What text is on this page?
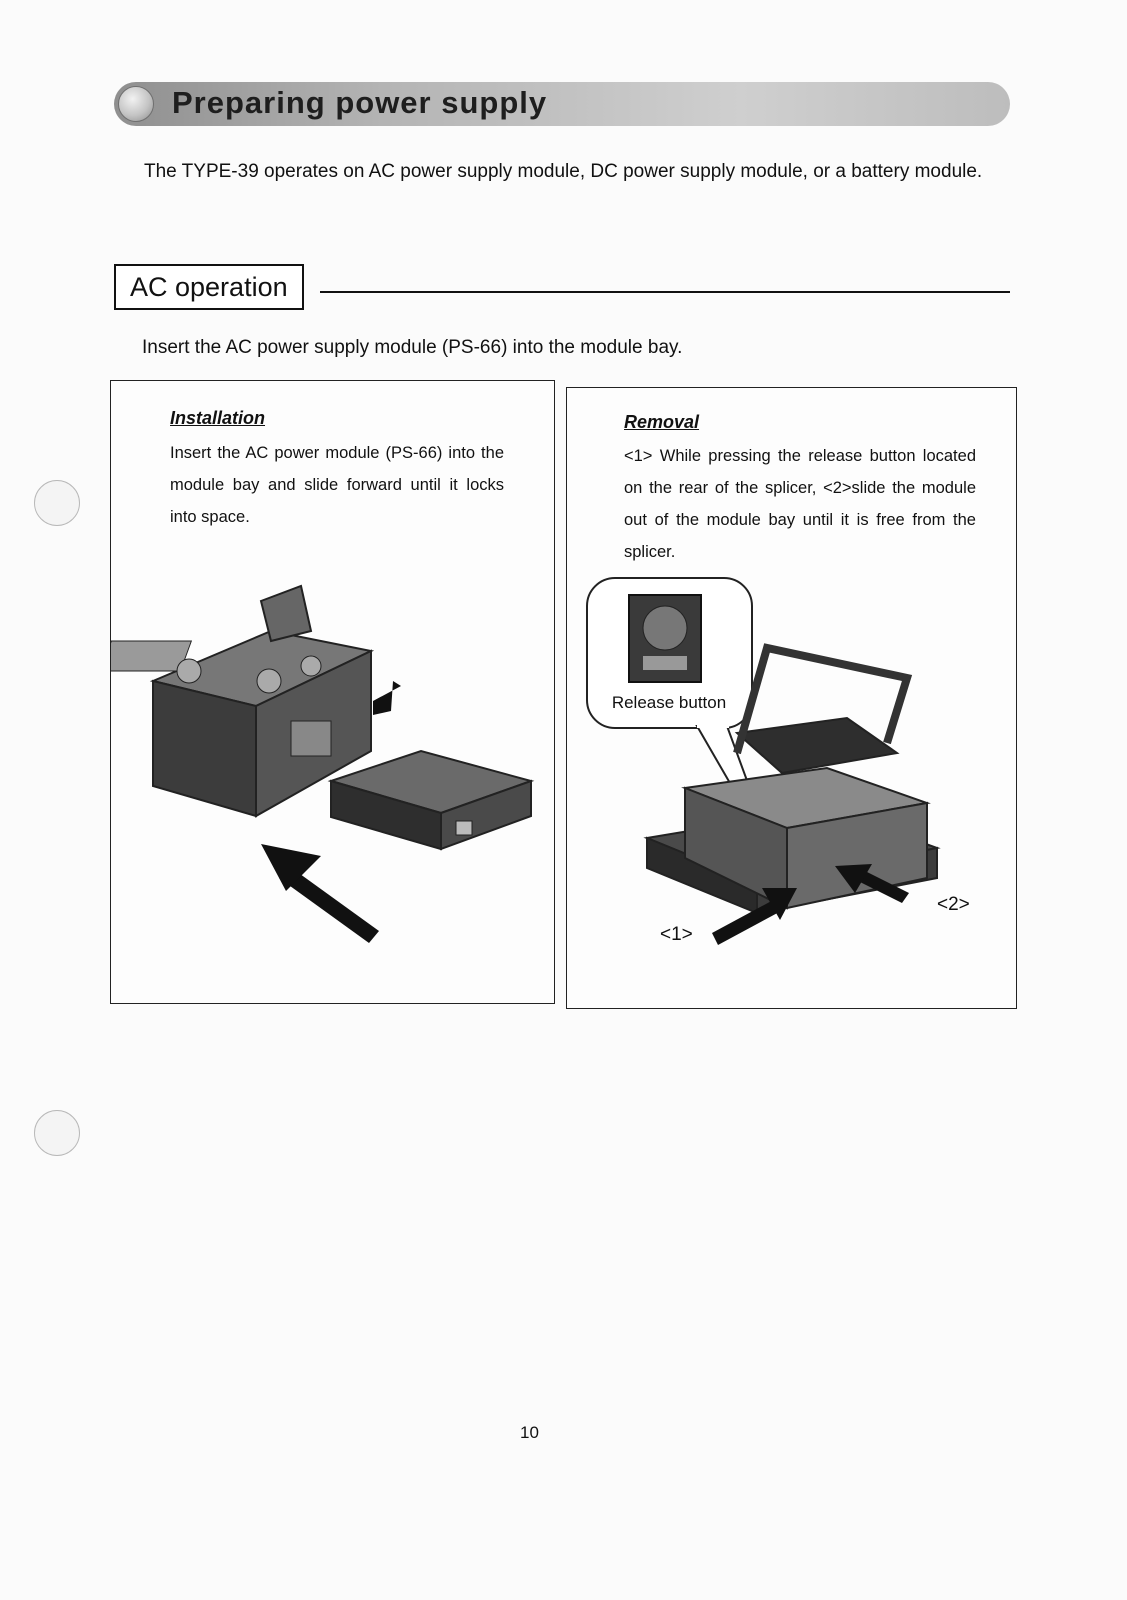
Preparing power supply
The TYPE-39 operates on AC power supply module, DC power supply module, or a battery module.
AC operation
Insert the AC power supply module (PS-66) into the module bay.
Installation
Insert the AC power module (PS-66) into the module bay and slide forward until it locks into space.
Removal
<1> While pressing the release button located on the rear of the splicer, <2>slide the module out of the module bay until it is free from the splicer.
Release button
<1>
<2>
10
